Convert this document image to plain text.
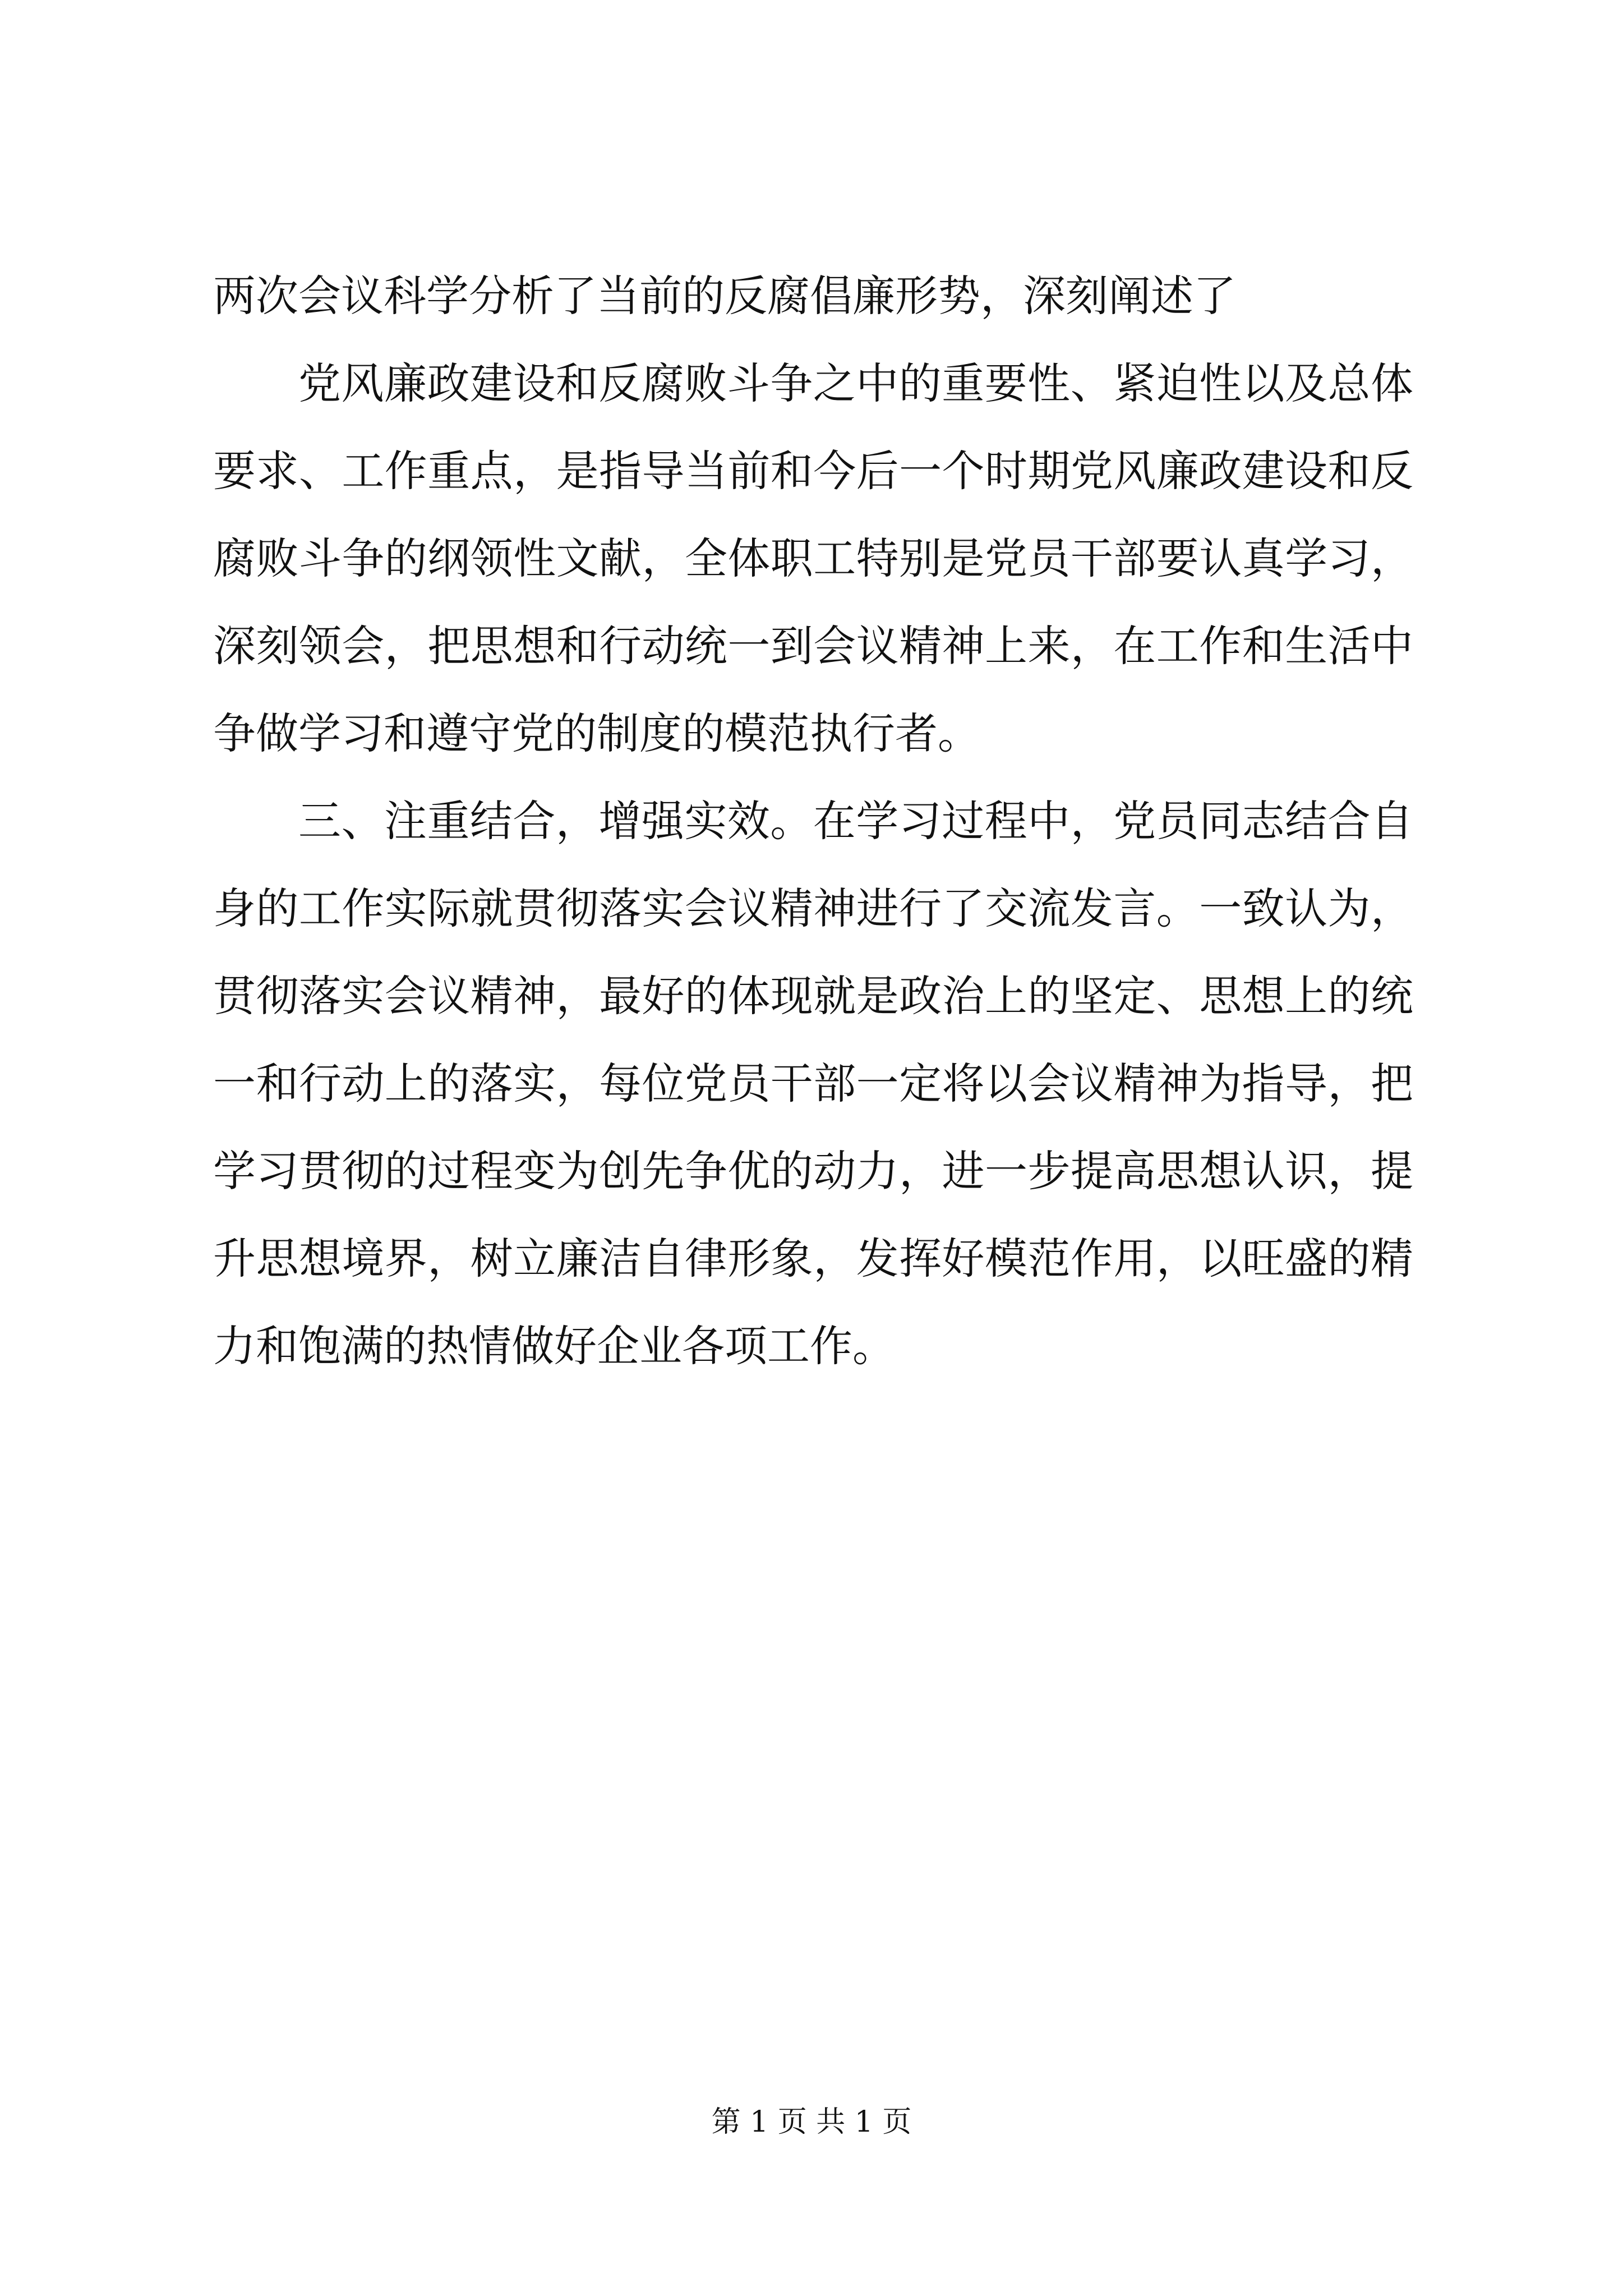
两次会议科学分析了当前的反腐倡廉形势，深刻阐述了

党风廉政建设和反腐败斗争之中的重要性、紧迫性以及总体要求、工作重点，是指导当前和今后一个时期党风廉政建设和反腐败斗争的纲领性文献，全体职工特别是党员干部要认真学习，深刻领会，把思想和行动统一到会议精神上来，在工作和生活中争做学习和遵守党的制度的模范执行者。

三、注重结合，增强实效。在学习过程中，党员同志结合自身的工作实际就贯彻落实会议精神进行了交流发言。一致认为，贯彻落实会议精神，最好的体现就是政治上的坚定、思想上的统一和行动上的落实，每位党员干部一定将以会议精神为指导，把学习贯彻的过程变为创先争优的动力，进一步提高思想认识，提升思想境界，树立廉洁自律形象，发挥好模范作用，以旺盛的精力和饱满的热情做好企业各项工作。

第 1 页 共 1 页
